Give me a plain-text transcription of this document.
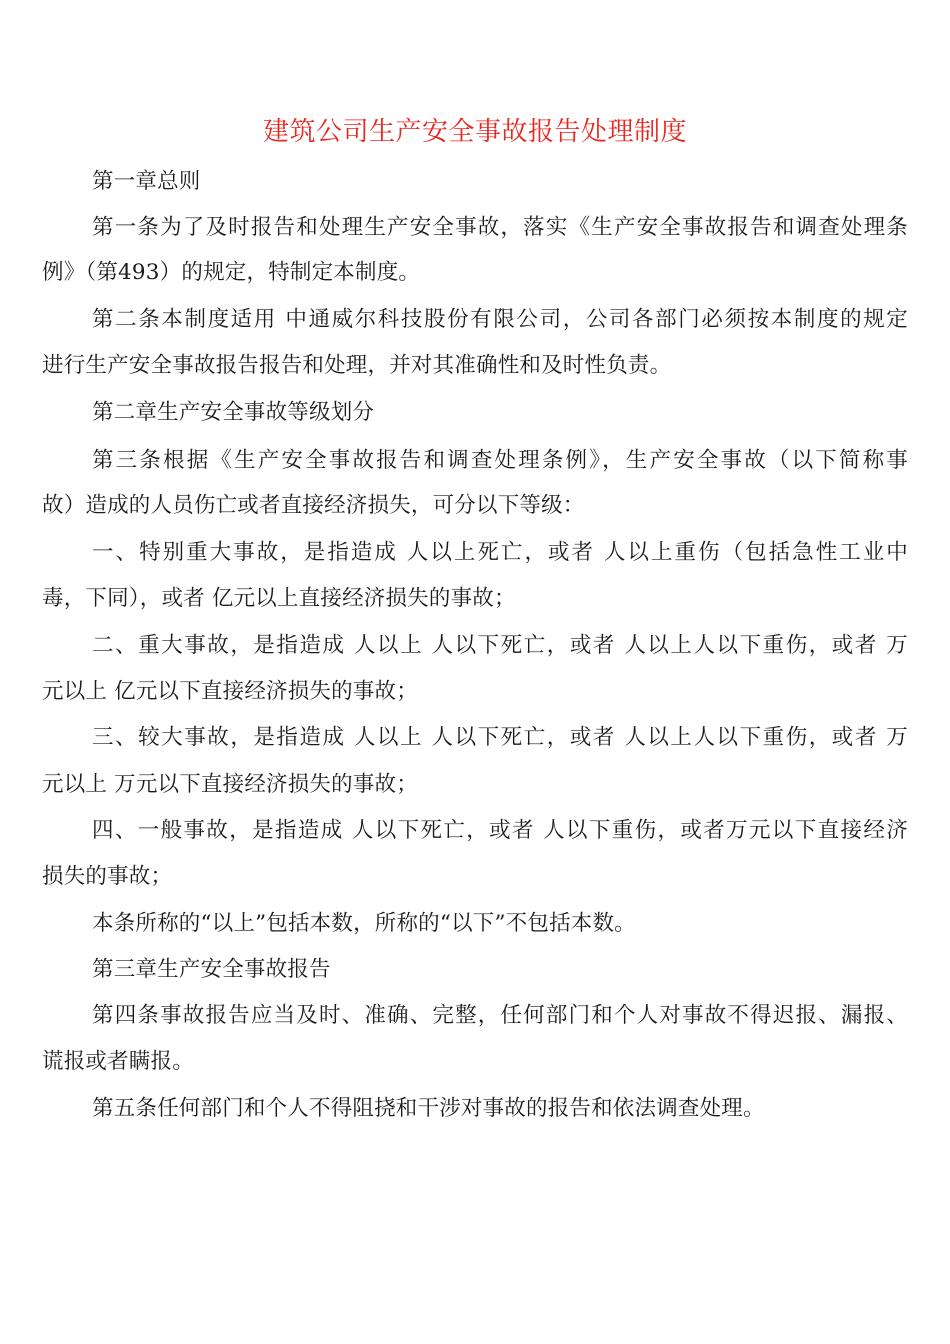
建筑公司生产安全事故报告处理制度
第一章总则
第一条为了及时报告和处理生产安全事故，落实《生产安全事故报告和调查处理条
例》（第493）的规定，特制定本制度。
第二条本制度适用 中通威尔科技股份有限公司，公司各部门必须按本制度的规定
进行生产安全事故报告报告和处理，并对其准确性和及时性负责。
第二章生产安全事故等级划分
第三条根据《生产安全事故报告和调查处理条例》，生产安全事故（以下简称事
故）造成的人员伤亡或者直接经济损失，可分以下等级：
一、特别重大事故，是指造成 人以上死亡，或者 人以上重伤（包括急性工业中
毒，下同），或者 亿元以上直接经济损失的事故；
二、重大事故，是指造成 人以上 人以下死亡，或者 人以上人以下重伤，或者 万
元以上 亿元以下直接经济损失的事故；
三、较大事故，是指造成 人以上 人以下死亡，或者 人以上人以下重伤，或者 万
元以上 万元以下直接经济损失的事故；
四、一般事故，是指造成 人以下死亡，或者 人以下重伤，或者万元以下直接经济
损失的事故；
本条所称的“以上”包括本数，所称的“以下”不包括本数。
第三章生产安全事故报告
第四条事故报告应当及时、准确、完整，任何部门和个人对事故不得迟报、漏报、
谎报或者瞒报。
第五条任何部门和个人不得阻挠和干涉对事故的报告和依法调查处理。
